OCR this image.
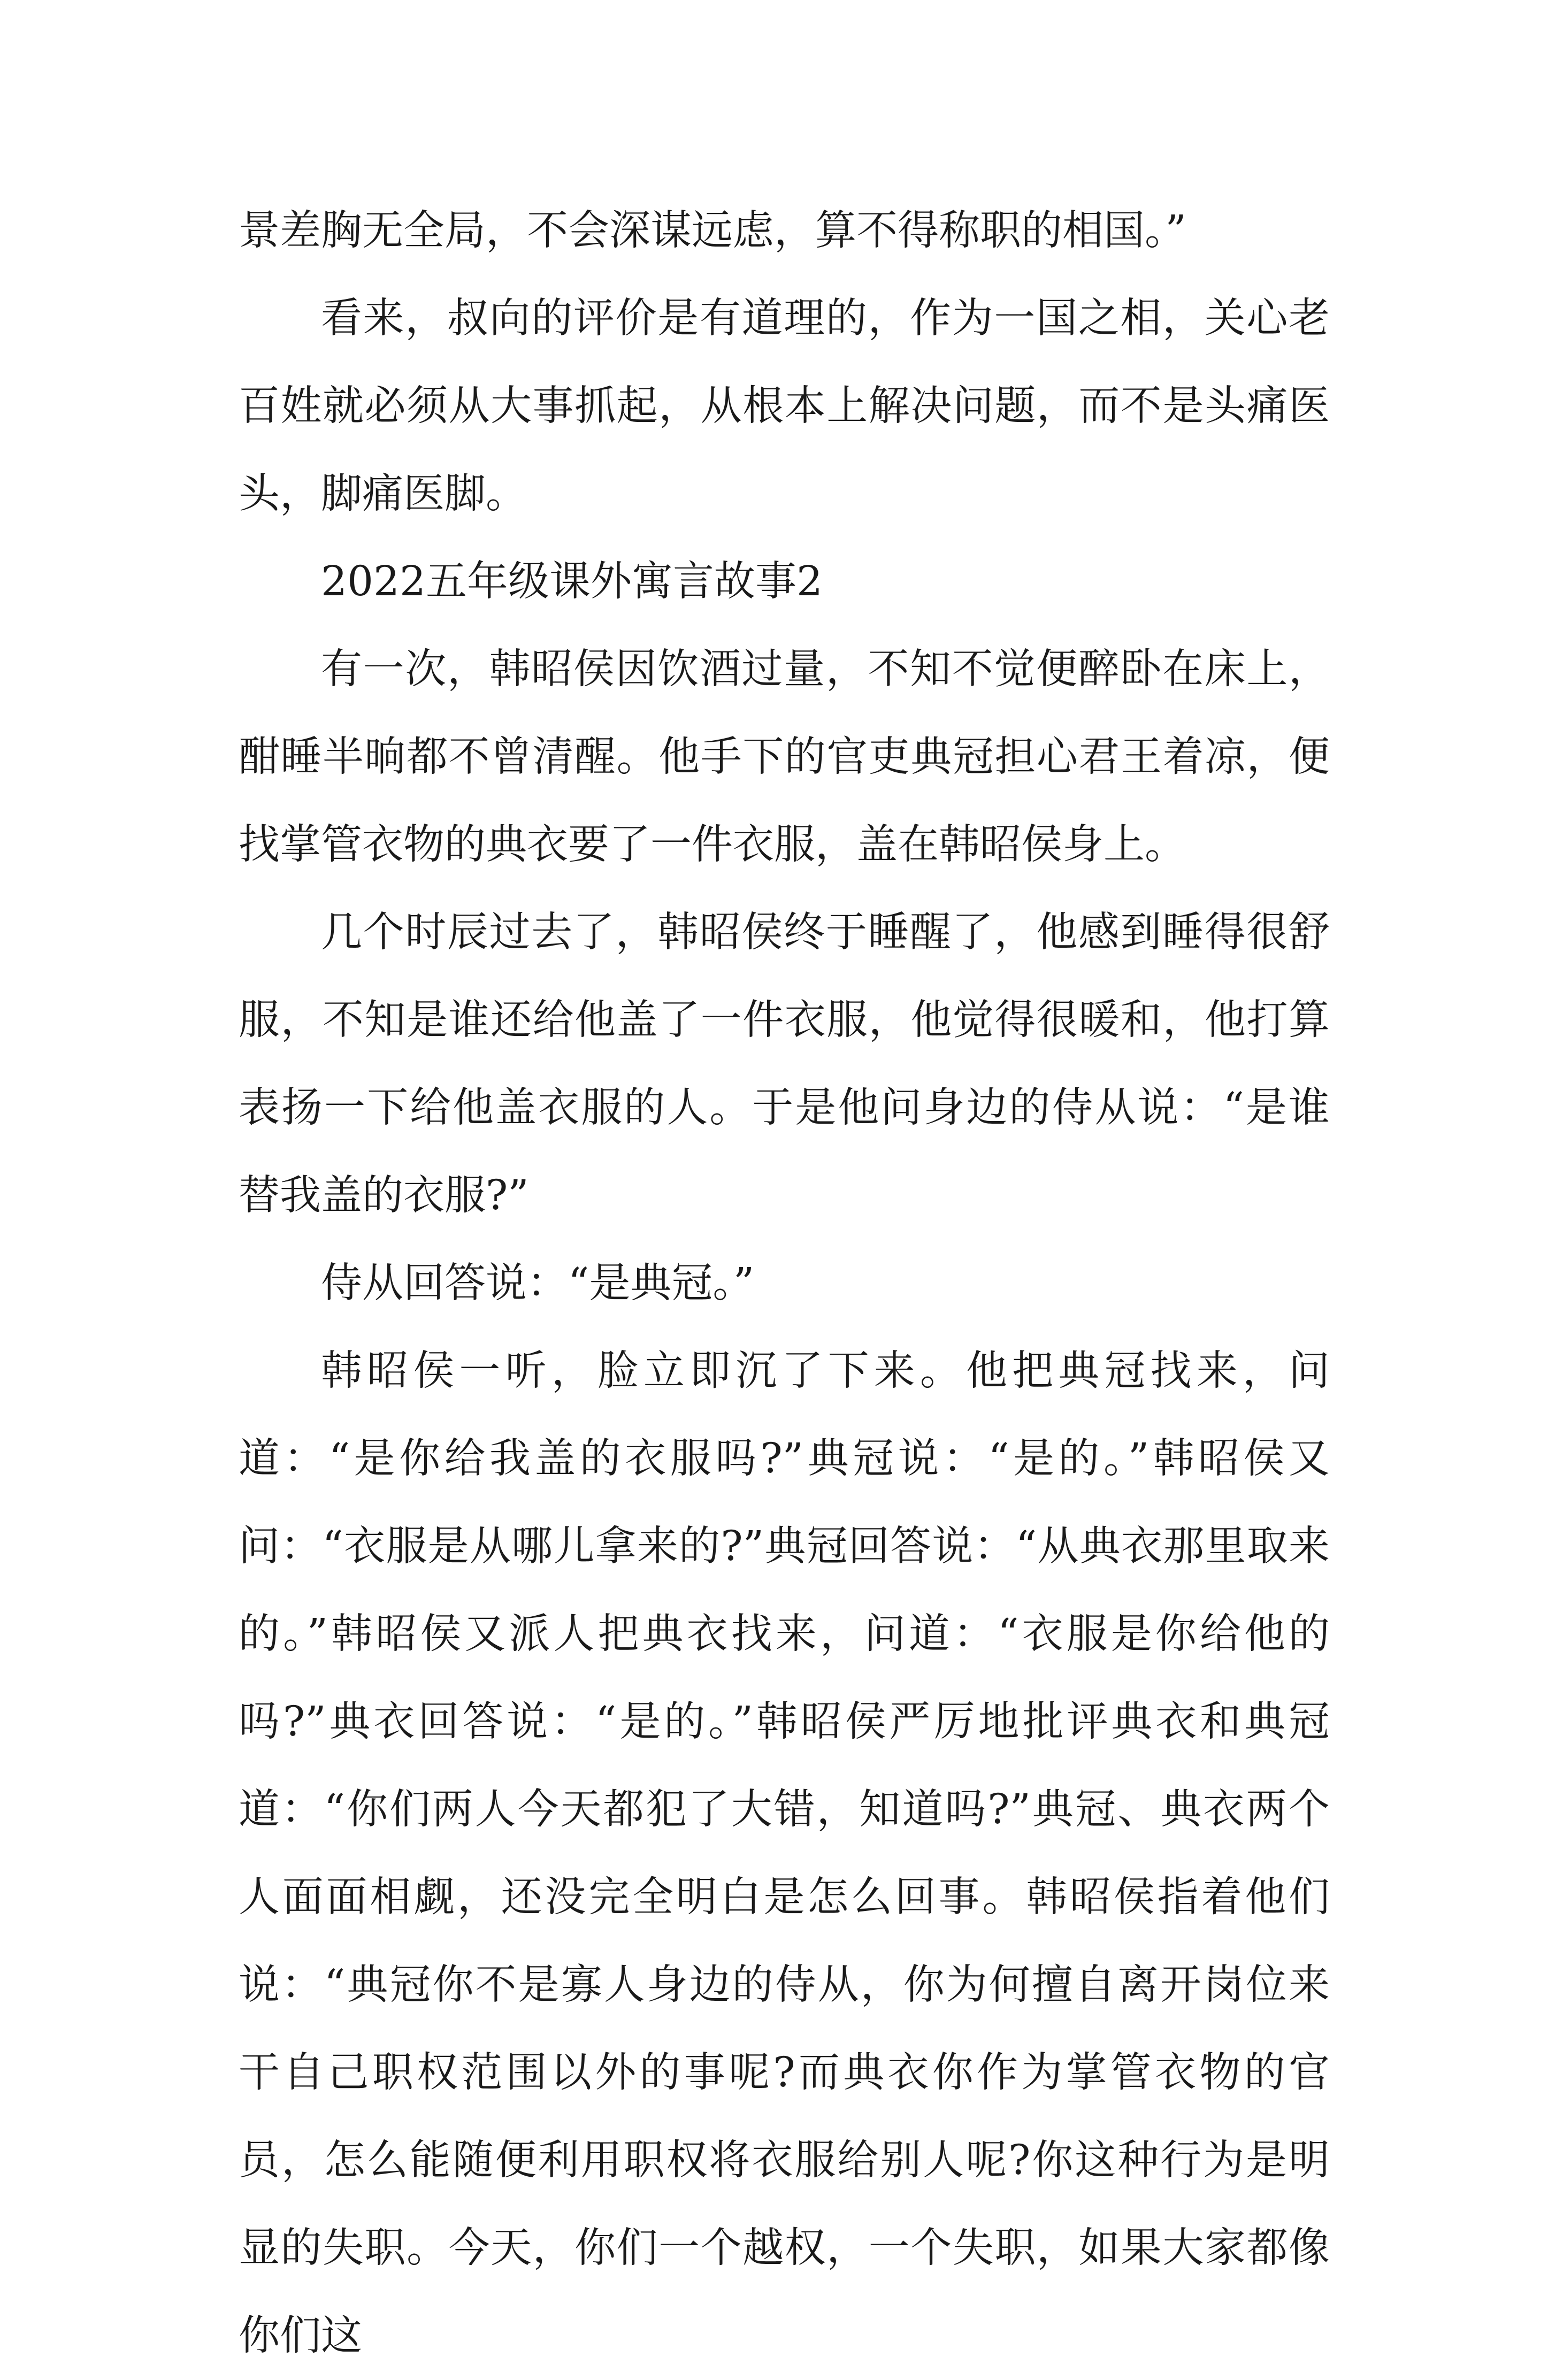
景差胸无全局，不会深谋远虑，算不得称职的相国。”

看来，叔向的评价是有道理的，作为一国之相，关心老百姓就必须从大事抓起，从根本上解决问题，而不是头痛医头，脚痛医脚。

2022五年级课外寓言故事2

有一次，韩昭侯因饮酒过量，不知不觉便醉卧在床上，酣睡半晌都不曾清醒。他手下的官吏典冠担心君王着凉，便找掌管衣物的典衣要了一件衣服，盖在韩昭侯身上。

几个时辰过去了，韩昭侯终于睡醒了，他感到睡得很舒服，不知是谁还给他盖了一件衣服，他觉得很暖和，他打算表扬一下给他盖衣服的人。于是他问身边的侍从说：“是谁替我盖的衣服?”

侍从回答说：“是典冠。”

韩昭侯一听，脸立即沉了下来。他把典冠找来，问道：“是你给我盖的衣服吗?”典冠说：“是的。”韩昭侯又问：“衣服是从哪儿拿来的?”典冠回答说：“从典衣那里取来的。”韩昭侯又派人把典衣找来，问道：“衣服是你给他的吗?”典衣回答说：“是的。”韩昭侯严厉地批评典衣和典冠道：“你们两人今天都犯了大错，知道吗?”典冠、典衣两个人面面相觑，还没完全明白是怎么回事。韩昭侯指着他们说：“典冠你不是寡人身边的侍从，你为何擅自离开岗位来干自己职权范围以外的事呢?而典衣你作为掌管衣物的官员，怎么能随便利用职权将衣服给别人呢?你这种行为是明显的失职。今天，你们一个越权，一个失职，如果大家都像你们这
